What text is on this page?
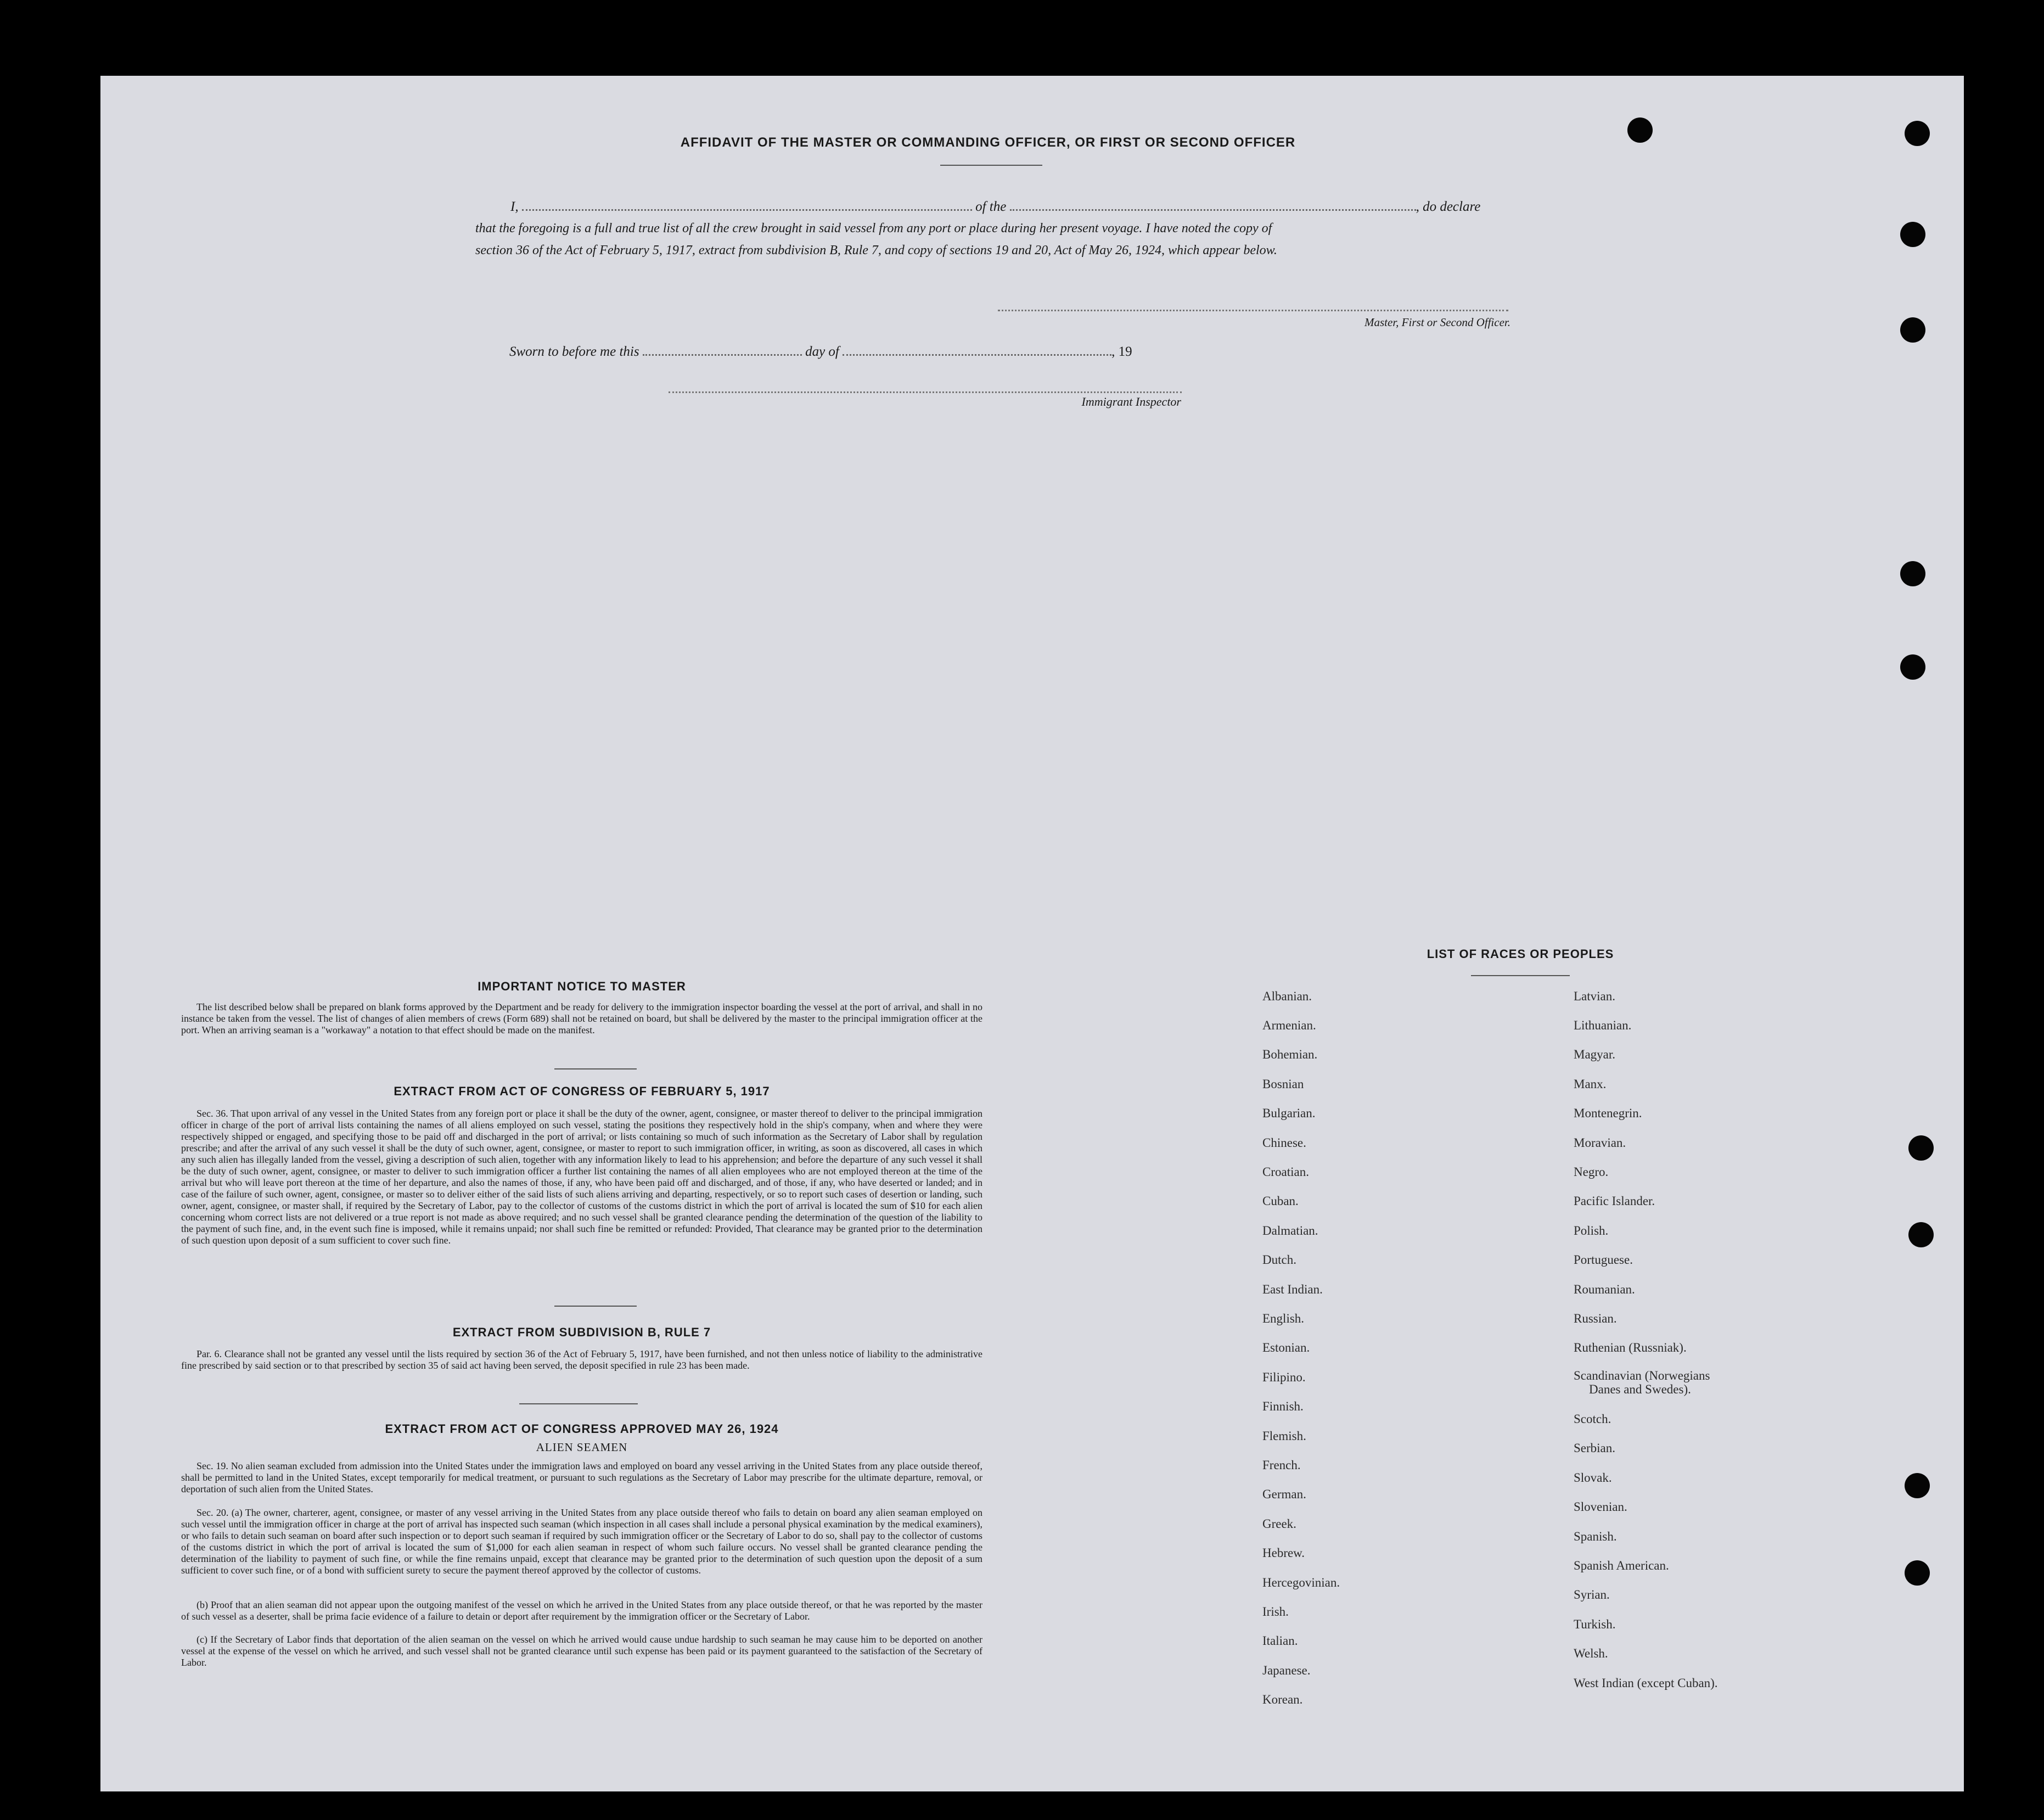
AFFIDAVIT OF THE MASTER OR COMMANDING OFFICER, OR FIRST OR SECOND OFFICER
I,	of the	, do declare
that the foregoing is a full and true list of all the crew brought in said vessel from any port or place during her present voyage. I have noted the copy of
section 36 of the Act of February 5, 1917, extract from subdivision B, Rule 7, and copy of sections 19 and 20, Act of May 26, 1924, which appear below.
Master, First or Second Officer.
Sworn to before me this	day of	, 19
Immigrant Inspector
IMPORTANT NOTICE TO MASTER
The list described below shall be prepared on blank forms approved by the Department and be ready for delivery to the immigration inspector boarding the vessel at the port of arrival, and shall in no instance be taken from the vessel. The list of changes of alien members of crews (Form 689) shall not be retained on board, but shall be delivered by the master to the principal immigration officer at the port. When an arriving seaman is a "workaway" a notation to that effect should be made on the manifest.
EXTRACT FROM ACT OF CONGRESS OF FEBRUARY 5, 1917
Sec. 36. That upon arrival of any vessel in the United States from any foreign port or place it shall be the duty of the owner, agent, consignee, or master thereof to deliver to the principal immigration officer in charge of the port of arrival lists containing the names of all aliens employed on such vessel, stating the positions they respectively hold in the ship's company, when and where they were respectively shipped or engaged, and specifying those to be paid off and discharged in the port of arrival; or lists containing so much of such information as the Secretary of Labor shall by regulation prescribe; and after the arrival of any such vessel it shall be the duty of such owner, agent, consignee, or master to report to such immigration officer, in writing, as soon as discovered, all cases in which any such alien has illegally landed from the vessel, giving a description of such alien, together with any information likely to lead to his apprehension; and before the departure of any such vessel it shall be the duty of such owner, agent, consignee, or master to deliver to such immigration officer a further list containing the names of all alien employees who are not employed thereon at the time of the arrival but who will leave port thereon at the time of her departure, and also the names of those, if any, who have been paid off and discharged, and of those, if any, who have deserted or landed; and in case of the failure of such owner, agent, consignee, or master so to deliver either of the said lists of such aliens arriving and departing, respectively, or so to report such cases of desertion or landing, such owner, agent, consignee, or master shall, if required by the Secretary of Labor, pay to the collector of customs of the customs district in which the port of arrival is located the sum of $10 for each alien concerning whom correct lists are not delivered or a true report is not made as above required; and no such vessel shall be granted clearance pending the determination of the question of the liability to the payment of such fine, and, in the event such fine is imposed, while it remains unpaid; nor shall such fine be remitted or refunded: Provided, That clearance may be granted prior to the determination of such question upon deposit of a sum sufficient to cover such fine.
EXTRACT FROM SUBDIVISION B, RULE 7
Par. 6. Clearance shall not be granted any vessel until the lists required by section 36 of the Act of February 5, 1917, have been furnished, and not then unless notice of liability to the administrative fine prescribed by said section or to that prescribed by section 35 of said act having been served, the deposit specified in rule 23 has been made.
EXTRACT FROM ACT OF CONGRESS APPROVED MAY 26, 1924
ALIEN SEAMEN
Sec. 19. No alien seaman excluded from admission into the United States under the immigration laws and employed on board any vessel arriving in the United States from any place outside thereof, shall be permitted to land in the United States, except temporarily for medical treatment, or pursuant to such regulations as the Secretary of Labor may prescribe for the ultimate departure, removal, or deportation of such alien from the United States.
Sec. 20. (a) The owner, charterer, agent, consignee, or master of any vessel arriving in the United States from any place outside thereof who fails to detain on board any alien seaman employed on such vessel until the immigration officer in charge at the port of arrival has inspected such seaman (which inspection in all cases shall include a personal physical examination by the medical examiners), or who fails to detain such seaman on board after such inspection or to deport such seaman if required by such immigration officer or the Secretary of Labor to do so, shall pay to the collector of customs of the customs district in which the port of arrival is located the sum of $1,000 for each alien seaman in respect of whom such failure occurs. No vessel shall be granted clearance pending the determination of the liability to payment of such fine, or while the fine remains unpaid, except that clearance may be granted prior to the determination of such question upon the deposit of a sum sufficient to cover such fine, or of a bond with sufficient surety to secure the payment thereof approved by the collector of customs.
(b) Proof that an alien seaman did not appear upon the outgoing manifest of the vessel on which he arrived in the United States from any place outside thereof, or that he was reported by the master of such vessel as a deserter, shall be prima facie evidence of a failure to detain or deport after requirement by the immigration officer or the Secretary of Labor.
(c) If the Secretary of Labor finds that deportation of the alien seaman on the vessel on which he arrived would cause undue hardship to such seaman he may cause him to be deported on another vessel at the expense of the vessel on which he arrived, and such vessel shall not be granted clearance until such expense has been paid or its payment guaranteed to the satisfaction of the Secretary of Labor.
LIST OF RACES OR PEOPLES
Albanian.
Armenian.
Bohemian.
Bosnian
Bulgarian.
Chinese.
Croatian.
Cuban.
Dalmatian.
Dutch.
East Indian.
English.
Estonian.
Filipino.
Finnish.
Flemish.
French.
German.
Greek.
Hebrew.
Hercegovinian.
Irish.
Italian.
Japanese.
Korean.
Latvian.
Lithuanian.
Magyar.
Manx.
Montenegrin.
Moravian.
Negro.
Pacific Islander.
Polish.
Portuguese.
Roumanian.
Russian.
Ruthenian (Russniak).
Scandinavian (Norwegians
Danes and Swedes).
Scotch.
Serbian.
Slovak.
Slovenian.
Spanish.
Spanish American.
Syrian.
Turkish.
Welsh.
West Indian (except Cuban).
